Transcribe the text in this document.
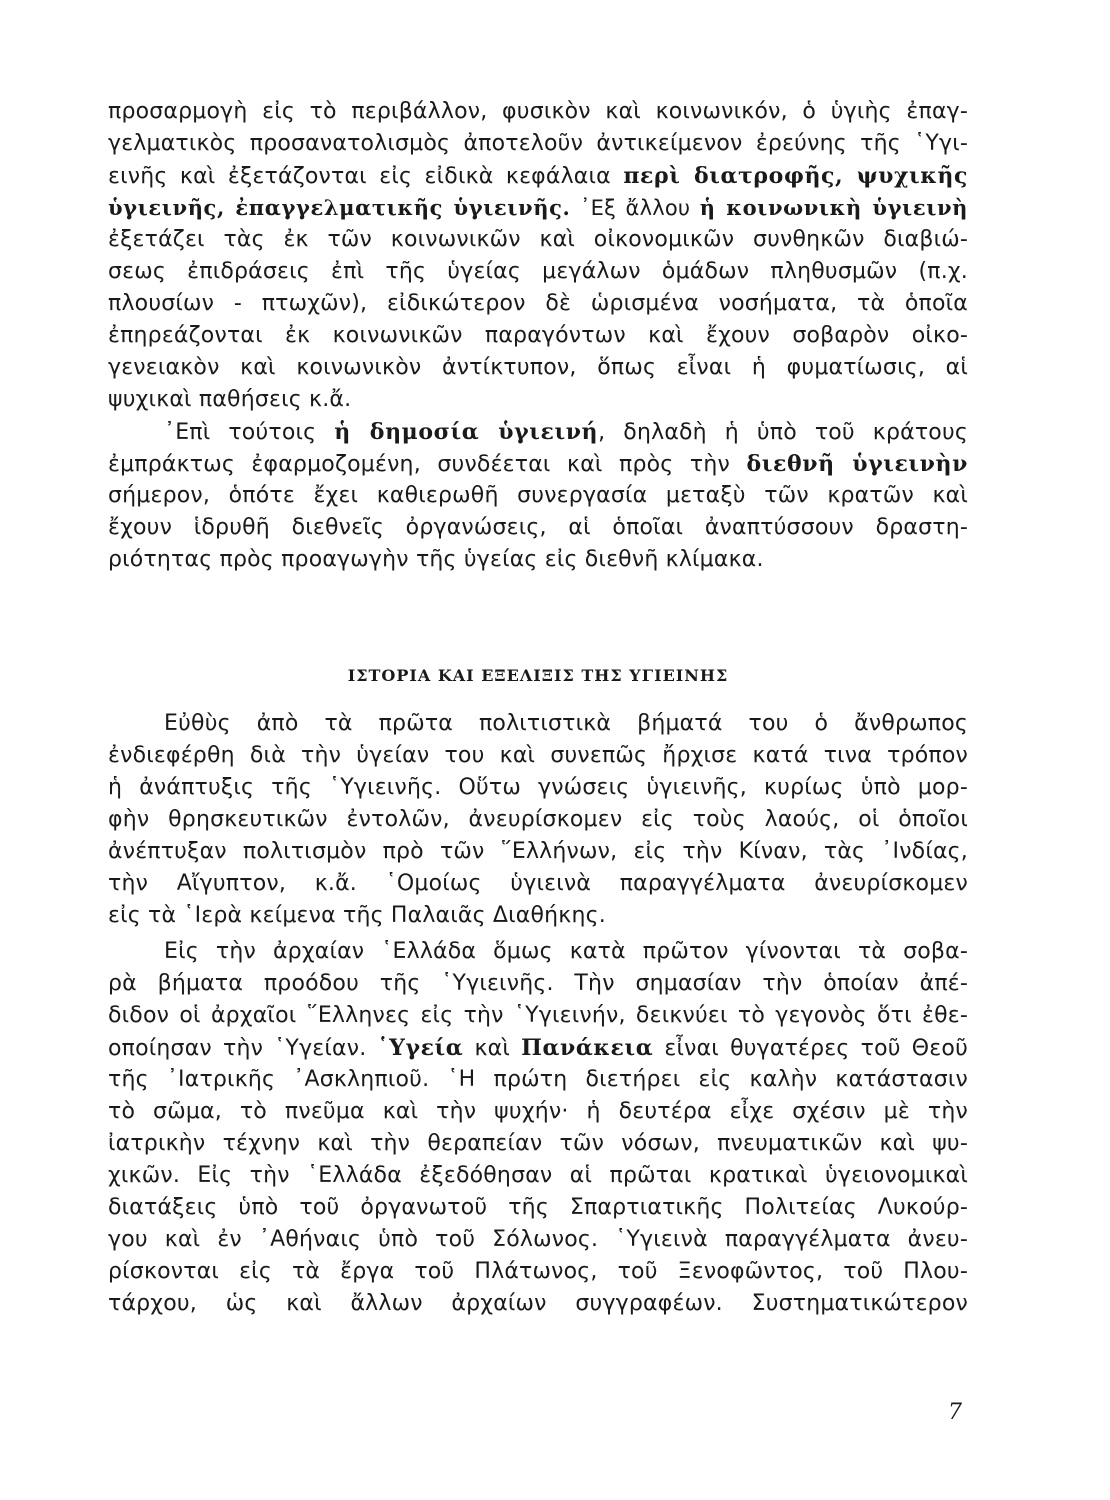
προσαρμογὴ εἰς τὸ περιβάλλον, φυσικὸν καὶ κοινωνικόν, ὁ ὑγιὴς ἐπαγ-
γελματικὸς προσανατολισμὸς ἀποτελοῦν ἀντικείμενον ἐρεύνης τῆς ῾Υγι-
εινῆς καὶ ἐξετάζονται εἰς εἰδικὰ κεφάλαια περὶ διατροφῆς, ψυχικῆς
ὑγιεινῆς, ἐπαγγελματικῆς ὑγιεινῆς. ᾿Εξ ἄλλου ἡ κοινωνικὴ ὑγιεινὴ
ἐξετάζει τὰς ἐκ τῶν κοινωνικῶν καὶ οἰκονομικῶν συνθηκῶν διαβιώ-
σεως ἐπιδράσεις ἐπὶ τῆς ὑγείας μεγάλων ὁμάδων πληθυσμῶν (π.χ.
πλουσίων - πτωχῶν), εἰδικώτερον δὲ ὡρισμένα νοσήματα, τὰ ὁποῖα
ἐπηρεάζονται ἐκ κοινωνικῶν παραγόντων καὶ ἔχουν σοβαρὸν οἰκο-
γενειακὸν καὶ κοινωνικὸν ἀντίκτυπον, ὅπως εἶναι ἡ φυματίωσις, αἱ
ψυχικαὶ παθήσεις κ.ἄ.
᾿Επὶ τούτοις ἡ δημοσία ὑγιεινή, δηλαδὴ ἡ ὑπὸ τοῦ κράτους
ἐμπράκτως ἐφαρμοζομένη, συνδέεται καὶ πρὸς τὴν διεθνῆ ὑγιεινὴν
σήμερον, ὁπότε ἔχει καθιερωθῆ συνεργασία μεταξὺ τῶν κρατῶν καὶ
ἔχουν ἱδρυθῆ διεθνεῖς ὀργανώσεις, αἱ ὁποῖαι ἀναπτύσσουν δραστη-
ριότητας πρὸς προαγωγὴν τῆς ὑγείας εἰς διεθνῆ κλίμακα.
ΙΣΤΟΡΙΑ ΚΑΙ ΕΞΕΛΙΞΙΣ ΤΗΣ ΥΓΙΕΙΝΗΣ
Εὐθὺς ἀπὸ τὰ πρῶτα πολιτιστικὰ βήματά του ὁ ἄνθρωπος
ἐνδιεφέρθη διὰ τὴν ὑγείαν του καὶ συνεπῶς ἤρχισε κατά τινα τρόπον
ἡ ἀνάπτυξις τῆς ῾Υγιεινῆς. Οὕτω γνώσεις ὑγιεινῆς, κυρίως ὑπὸ μορ-
φὴν θρησκευτικῶν ἐντολῶν, ἀνευρίσκομεν εἰς τοὺς λαούς, οἱ ὁποῖοι
ἀνέπτυξαν πολιτισμὸν πρὸ τῶν ῞Ελλήνων, εἰς τὴν Κίναν, τὰς ᾿Ινδίας,
τὴν Αἴγυπτον, κ.ἄ. ῾Ομοίως ὑγιεινὰ παραγγέλματα ἀνευρίσκομεν
εἰς τὰ ῾Ιερὰ κείμενα τῆς Παλαιᾶς Διαθήκης.
Εἰς τὴν ἀρχαίαν ῾Ελλάδα ὅμως κατὰ πρῶτον γίνονται τὰ σοβα-
ρὰ βήματα προόδου τῆς ῾Υγιεινῆς. Τὴν σημασίαν τὴν ὁποίαν ἀπέ-
διδον οἱ ἀρχαῖοι ῞Ελληνες εἰς τὴν ῾Υγιεινήν, δεικνύει τὸ γεγονὸς ὅτι ἐθε-
οποίησαν τὴν ῾Υγείαν. ῾Υγεία καὶ Πανάκεια εἶναι θυγατέρες τοῦ Θεοῦ
τῆς ᾿Ιατρικῆς ᾿Ασκληπιοῦ. ῾Η πρώτη διετήρει εἰς καλὴν κατάστασιν
τὸ σῶμα, τὸ πνεῦμα καὶ τὴν ψυχήν· ἡ δευτέρα εἶχε σχέσιν μὲ τὴν
ἰατρικὴν τέχνην καὶ τὴν θεραπείαν τῶν νόσων, πνευματικῶν καὶ ψυ-
χικῶν. Εἰς τὴν ῾Ελλάδα ἐξεδόθησαν αἱ πρῶται κρατικαὶ ὑγειονομικαὶ
διατάξεις ὑπὸ τοῦ ὀργανωτοῦ τῆς Σπαρτιατικῆς Πολιτείας Λυκούρ-
γου καὶ ἐν ᾿Αθήναις ὑπὸ τοῦ Σόλωνος. ῾Υγιεινὰ παραγγέλματα ἀνευ-
ρίσκονται εἰς τὰ ἔργα τοῦ Πλάτωνος, τοῦ Ξενοφῶντος, τοῦ Πλου-
τάρχου, ὡς καὶ ἄλλων ἀρχαίων συγγραφέων. Συστηματικώτερον
7
